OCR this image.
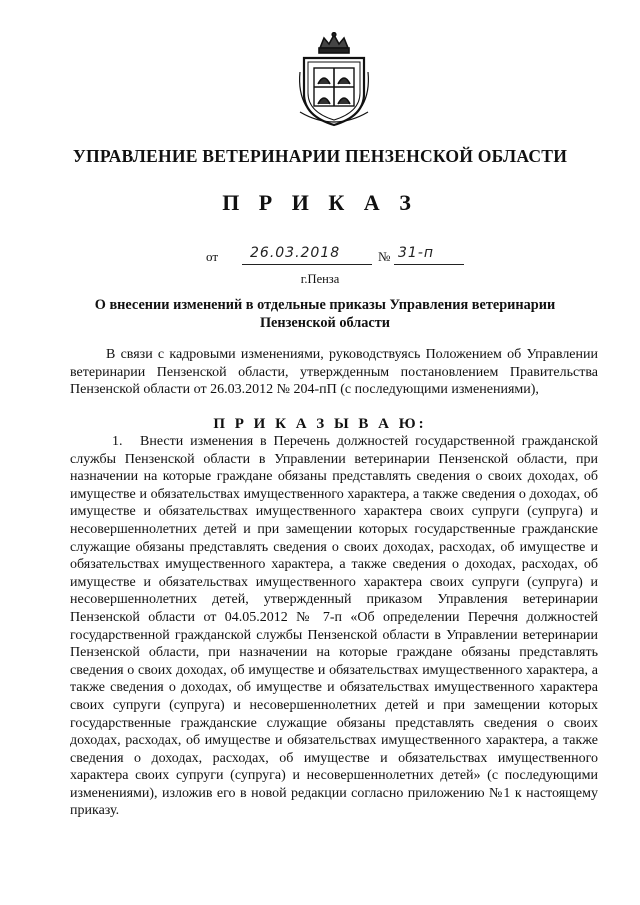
УПРАВЛЕНИЕ ВЕТЕРИНАРИИ ПЕНЗЕНСКОЙ ОБЛАСТИ
П Р И К А З
от 26.03.2018	№ 31-п
г.Пенза
О внесении изменений в отдельные приказы Управления ветеринарии Пензенской области
В связи с кадровыми изменениями, руководствуясь Положением об Управлении ветеринарии Пензенской области, утвержденным постановлением Правительства Пензенской области от 26.03.2012 № 204-пП (с последующими изменениями),
П Р И К А З Ы В А Ю:
1. Внести изменения в Перечень должностей государственной гражданской службы Пензенской области в Управлении ветеринарии Пензенской области, при назначении на которые граждане обязаны представлять сведения о своих доходах, об имуществе и обязательствах имущественного характера, а также сведения о доходах, об имуществе и обязательствах имущественного характера своих супруги (супруга) и несовершеннолетних детей и при замещении которых государственные гражданские служащие обязаны представлять сведения о своих доходах, расходах, об имуществе и обязательствах имущественного характера, а также сведения о доходах, расходах, об имуществе и обязательствах имущественного характера своих супруги (супруга) и несовершеннолетних детей, утвержденный приказом Управления ветеринарии Пензенской области от 04.05.2012 № 7-п «Об определении Перечня должностей государственной гражданской службы Пензенской области в Управлении ветеринарии Пензенской области, при назначении на которые граждане обязаны представлять сведения о своих доходах, об имуществе и обязательствах имущественного характера, а также сведения о доходах, об имуществе и обязательствах имущественного характера своих супруги (супруга) и несовершеннолетних детей и при замещении которых государственные гражданские служащие обязаны представлять сведения о своих доходах, расходах, об имуществе и обязательствах имущественного характера, а также сведения о доходах, расходах, об имуществе и обязательствах имущественного характера своих супруги (супруга) и несовершеннолетних детей» (с последующими изменениями), изложив его в новой редакции согласно приложению №1 к настоящему приказу.
